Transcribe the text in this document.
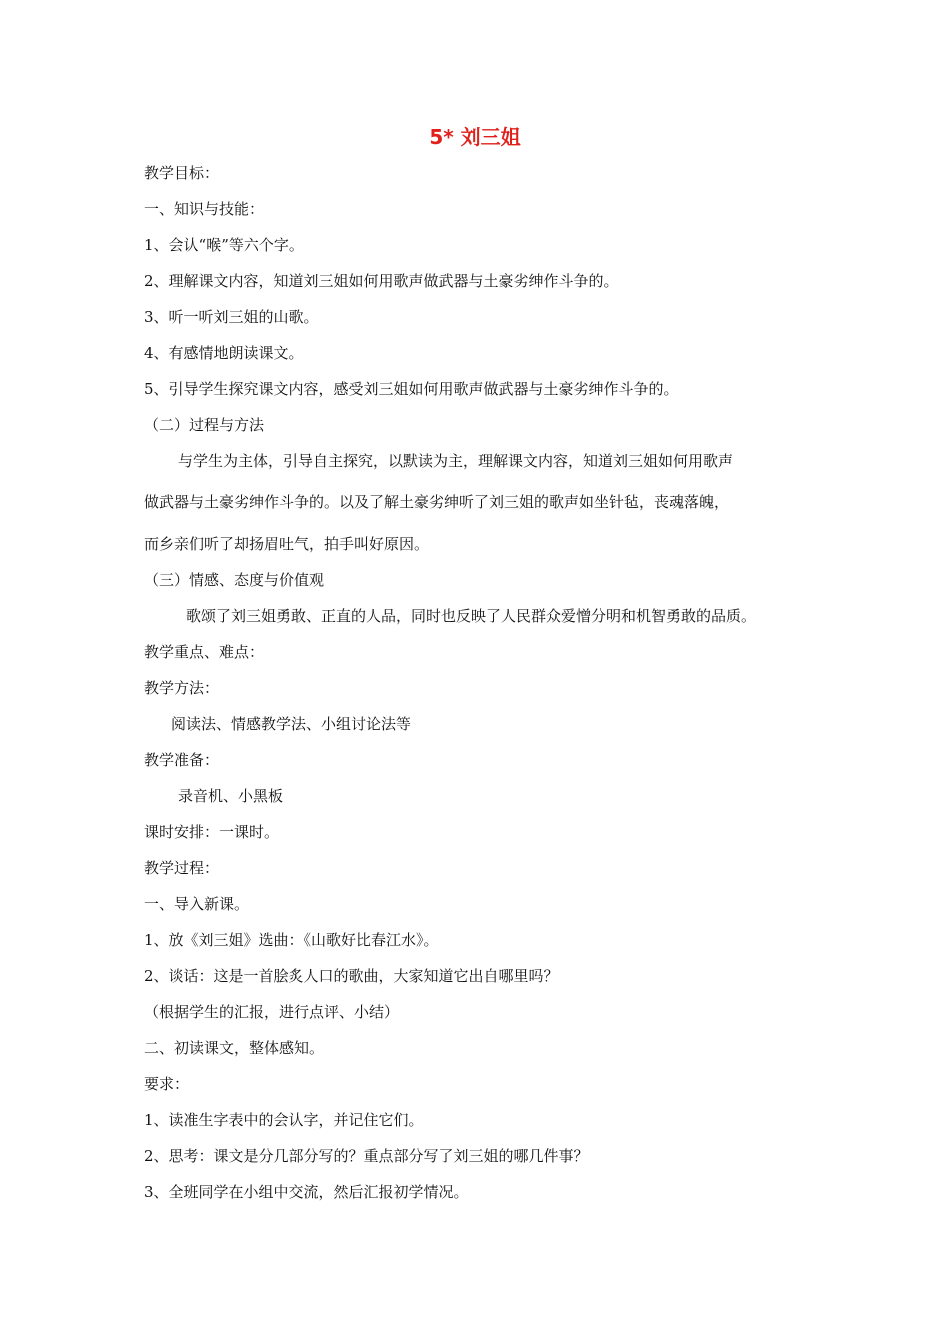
5* 刘三姐
教学目标：
一、知识与技能：
1、会认“喉”等六个字。
2、理解课文内容，知道刘三姐如何用歌声做武器与土豪劣绅作斗争的。
3、听一听刘三姐的山歌。
4、有感情地朗读课文。
5、引导学生探究课文内容，感受刘三姐如何用歌声做武器与土豪劣绅作斗争的。
（二）过程与方法
与学生为主体，引导自主探究，以默读为主，理解课文内容，知道刘三姐如何用歌声
做武器与土豪劣绅作斗争的。以及了解土豪劣绅听了刘三姐的歌声如坐针毡，丧魂落魄，
而乡亲们听了却扬眉吐气，拍手叫好原因。
（三）情感、态度与价值观
歌颂了刘三姐勇敢、正直的人品，同时也反映了人民群众爱憎分明和机智勇敢的品质。
教学重点、难点：
教学方法：
阅读法、情感教学法、小组讨论法等
教学准备：
录音机、小黑板
课时安排：一课时。
教学过程：
一、导入新课。
1、放《刘三姐》选曲：《山歌好比春江水》。
2、谈话：这是一首脍炙人口的歌曲，大家知道它出自哪里吗？
（根据学生的汇报，进行点评、小结）
二、初读课文，整体感知。
要求：
1、读准生字表中的会认字，并记住它们。
2、思考：课文是分几部分写的？重点部分写了刘三姐的哪几件事？
3、全班同学在小组中交流，然后汇报初学情况。
